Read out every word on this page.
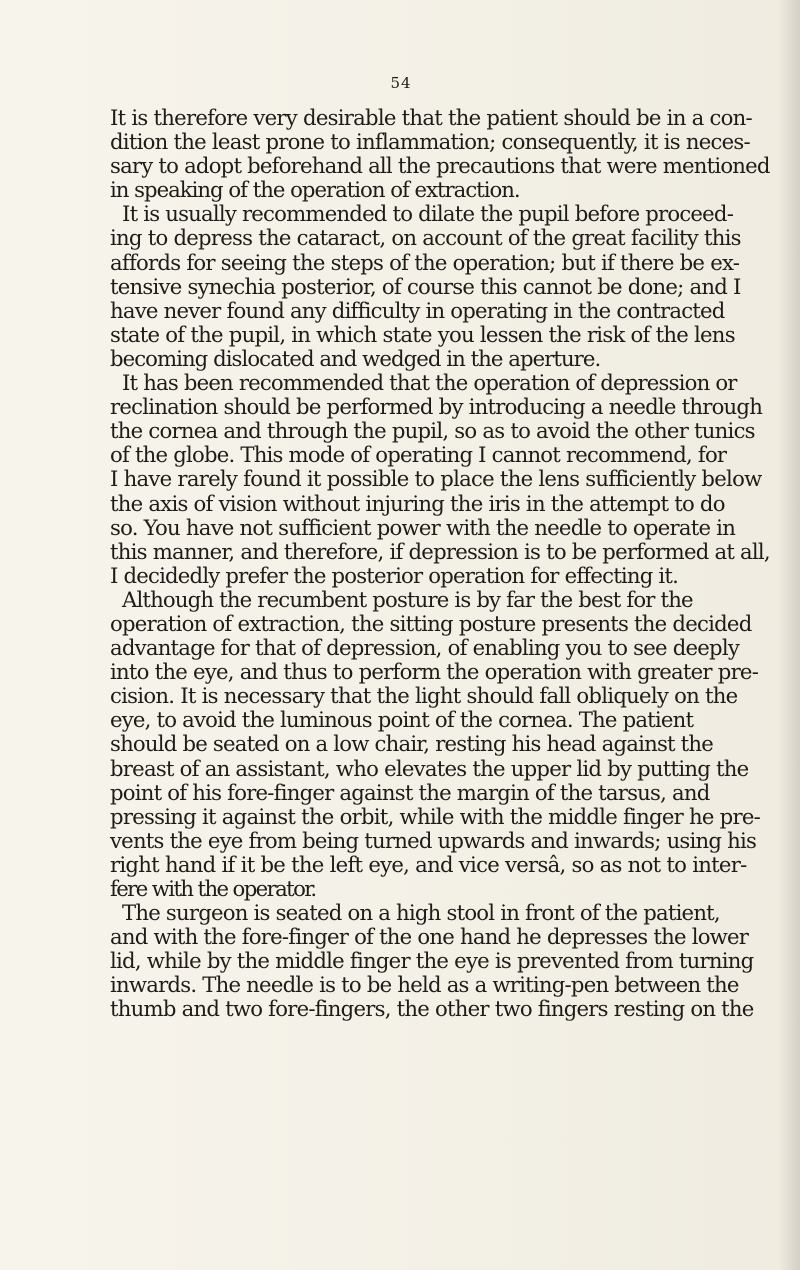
54
It is therefore very desirable that the patient should be in a con-
dition the least prone to inflammation; consequently, it is neces-
sary to adopt beforehand all the precautions that were mentioned
in speaking of the operation of extraction.
It is usually recommended to dilate the pupil before proceed-
ing to depress the cataract, on account of the great facility this
affords for seeing the steps of the operation; but if there be ex-
tensive synechia posterior, of course this cannot be done; and I
have never found any difficulty in operating in the contracted
state of the pupil, in which state you lessen the risk of the lens
becoming dislocated and wedged in the aperture.
It has been recommended that the operation of depression or
reclination should be performed by introducing a needle through
the cornea and through the pupil, so as to avoid the other tunics
of the globe. This mode of operating I cannot recommend, for
I have rarely found it possible to place the lens sufficiently below
the axis of vision without injuring the iris in the attempt to do
so. You have not sufficient power with the needle to operate in
this manner, and therefore, if depression is to be performed at all,
I decidedly prefer the posterior operation for effecting it.
Although the recumbent posture is by far the best for the
operation of extraction, the sitting posture presents the decided
advantage for that of depression, of enabling you to see deeply
into the eye, and thus to perform the operation with greater pre-
cision. It is necessary that the light should fall obliquely on the
eye, to avoid the luminous point of the cornea. The patient
should be seated on a low chair, resting his head against the
breast of an assistant, who elevates the upper lid by putting the
point of his fore-finger against the margin of the tarsus, and
pressing it against the orbit, while with the middle finger he pre-
vents the eye from being turned upwards and inwards; using his
right hand if it be the left eye, and vice versâ, so as not to inter-
fere with the operator.
The surgeon is seated on a high stool in front of the patient,
and with the fore-finger of the one hand he depresses the lower
lid, while by the middle finger the eye is prevented from turning
inwards. The needle is to be held as a writing-pen between the
thumb and two fore-fingers, the other two fingers resting on the
